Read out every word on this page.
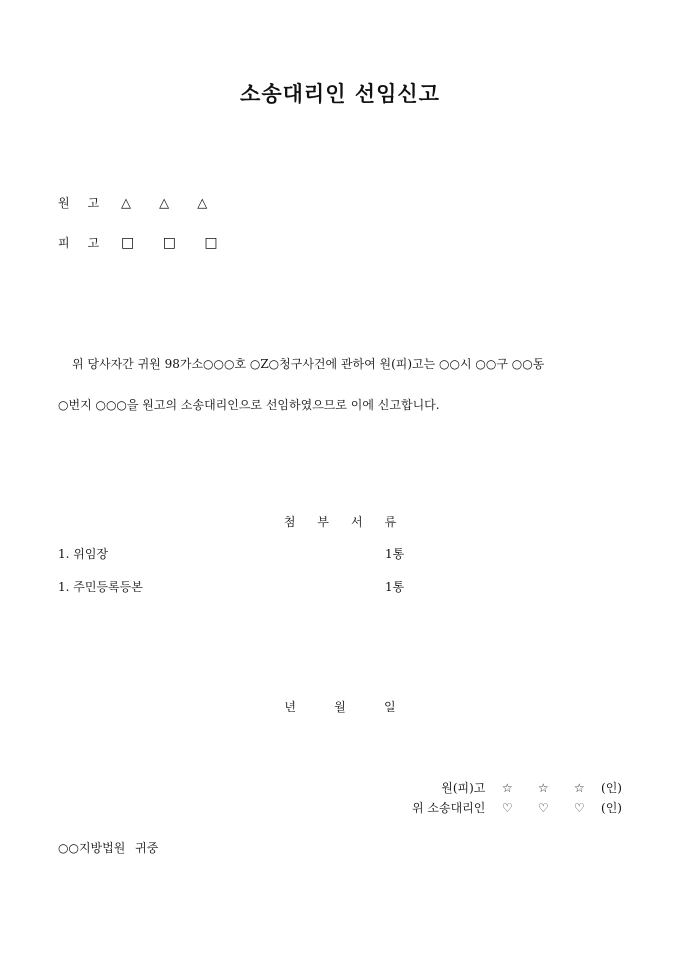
소송대리인 선임신고
원고 △ △ △
피고 □ □ □
위 당사자간 귀원 98가소○○○호 ○Z○청구사건에 관하여 원(피)고는 ○○시 ○○구 ○○동
○번지 ○○○을 원고의 소송대리인으로 선임하였으므로 이에 신고합니다.
첨부서류
1. 위임장	1통
1. 주민등록등본	1통
년	월	일
원(피)고 ☆ ☆ ☆ (인)
위 소송대리인 ♡ ♡ ♡ (인)
○○지방법원 귀중
